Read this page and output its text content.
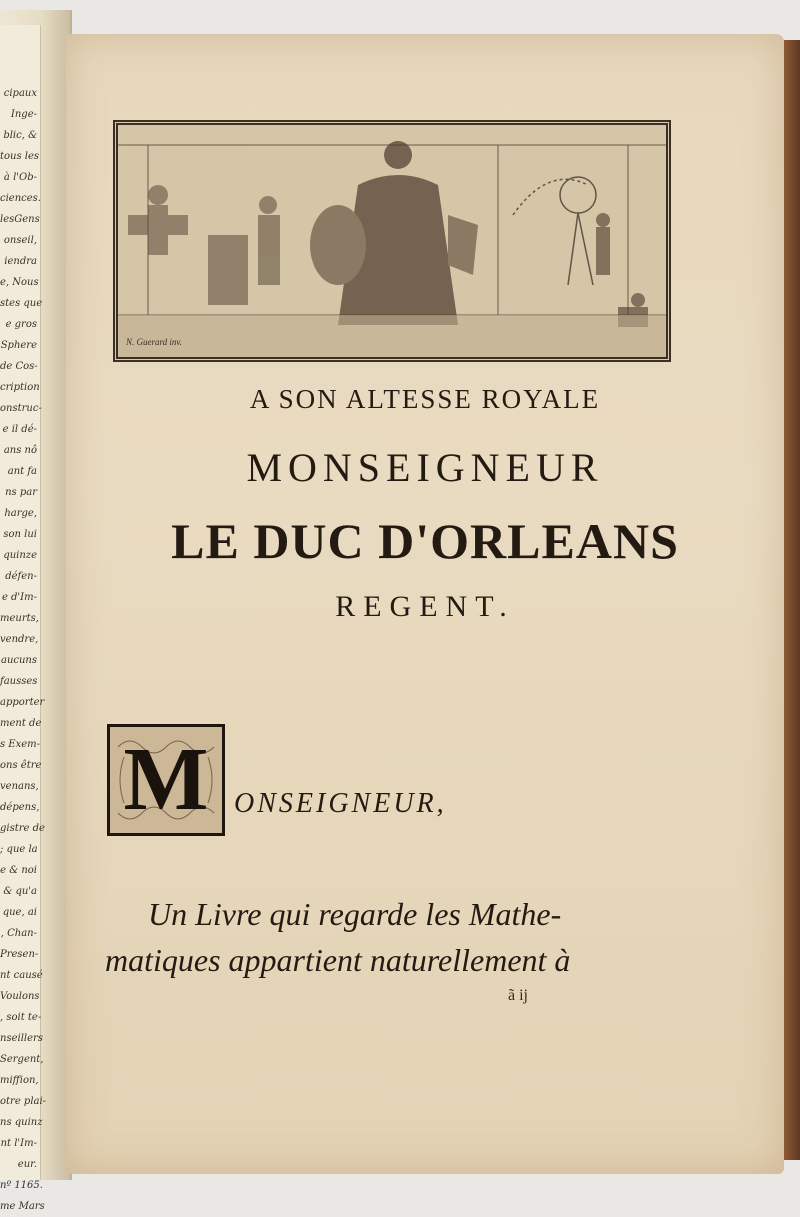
cipaux
Inge-
blic, &
tous les
à l'Ob-
ciences.
lesGens
onseil,
iendra
e, Nous
stes que
e gros
Sphere
de Cos-
cription
onstruc-
e il dé-
ans nô
ant fa
ns par
harge,
son lui
quinze
défen-
e d'Im-
meurts,
vendre,
aucuns
fausses
apporter
ment de
s Exem-
ons être
venans,
dépens,
gistre de
; que la
e & noi
& qu'a
que, ai
, Chan-
Presen-
nt causé
Voulons
, soit te-
nseillers
Sergent,
miffion,
otre plai-
ns quinz
nt l'Im-
eur.
nº 1165.
me Mars
N. Guerard inv.
A SON ALTESSE ROYALE
MONSEIGNEUR
LE DUC D'ORLEANS
REGENT.
M ONSEIGNEUR,
Un Livre qui regarde les Mathe-
matiques appartient naturellement à
ã ij
